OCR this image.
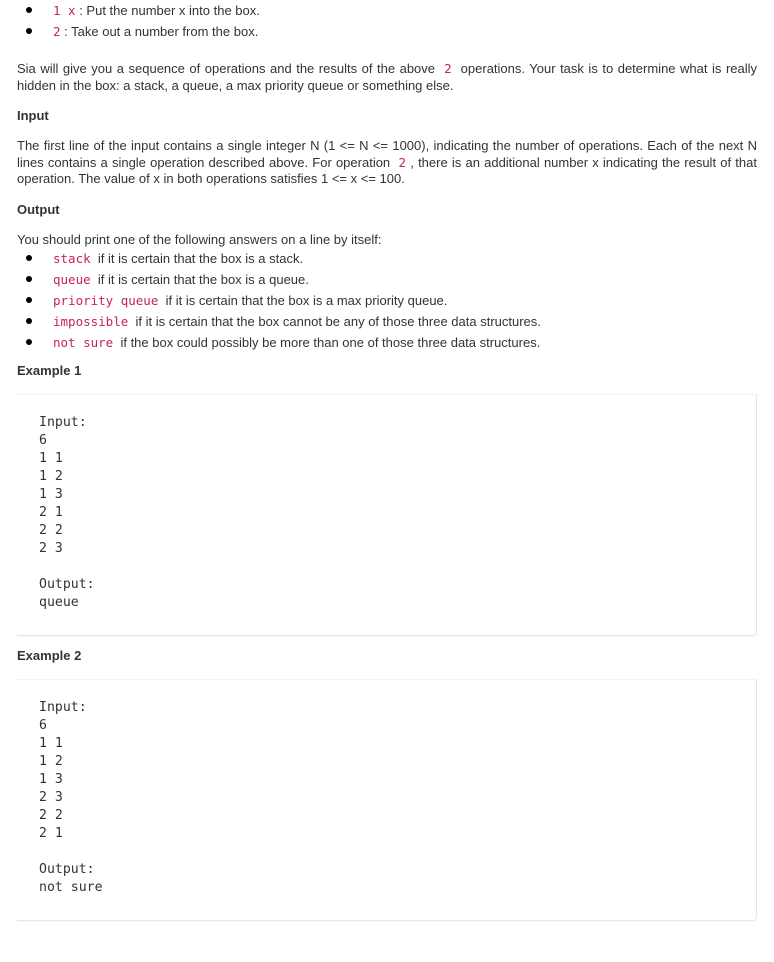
1 x : Put the number x into the box.
2 : Take out a number from the box.

Sia will give you a sequence of operations and the results of the above 2 operations. Your task is to determine what is really hidden in the box: a stack, a queue, a max priority queue or something else.

Input

The first line of the input contains a single integer N (1 <= N <= 1000), indicating the number of operations. Each of the next N lines contains a single operation described above. For operation 2 , there is an additional number x indicating the result of that operation. The value of x in both operations satisfies 1 <= x <= 100.

Output

You should print one of the following answers on a line by itself:

stack if it is certain that the box is a stack.
queue if it is certain that the box is a queue.
priority queue if it is certain that the box is a max priority queue.
impossible if it is certain that the box cannot be any of those three data structures.
not sure if the box could possibly be more than one of those three data structures.
Example 1
Input:
6
1 1
1 2
1 3
2 1
2 2
2 3

Output:
queue
Example 2
Input:
6
1 1
1 2
1 3
2 3
2 2
2 1

Output:
not sure
